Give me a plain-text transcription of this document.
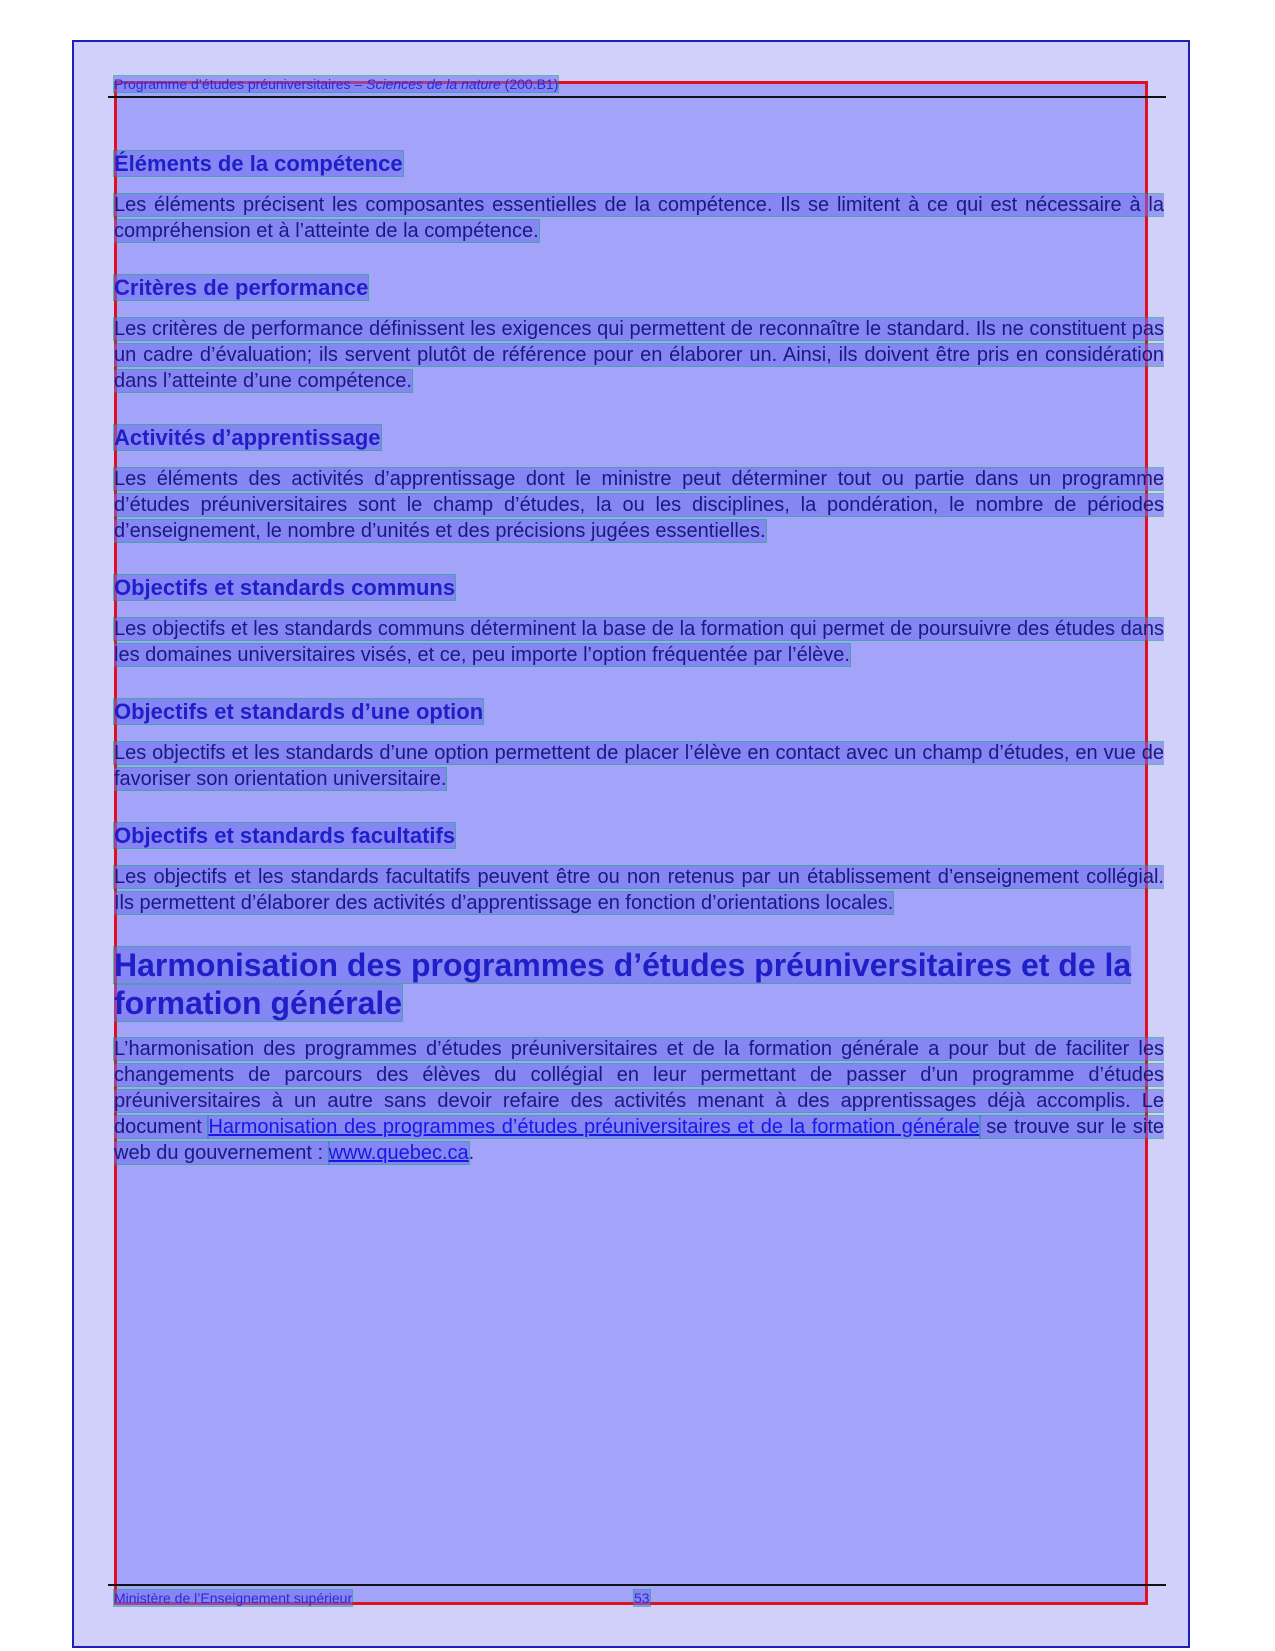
Programme d’études préuniversitaires – Sciences de la nature (200.B1)
Éléments de la compétence

Les éléments précisent les composantes essentielles de la compétence. Ils se limitent à ce qui est nécessaire à la compréhension et à l’atteinte de la compétence.

Critères de performance

Les critères de performance définissent les exigences qui permettent de reconnaître le standard. Ils ne constituent pas un cadre d’évaluation; ils servent plutôt de référence pour en élaborer un. Ainsi, ils doivent être pris en considération dans l’atteinte d’une compétence.

Activités d’apprentissage

Les éléments des activités d’apprentissage dont le ministre peut déterminer tout ou partie dans un programme d’études préuniversitaires sont le champ d’études, la ou les disciplines, la pondération, le nombre de périodes d’enseignement, le nombre d’unités et des précisions jugées essentielles.

Objectifs et standards communs

Les objectifs et les standards communs déterminent la base de la formation qui permet de poursuivre des études dans les domaines universitaires visés, et ce, peu importe l’option fréquentée par l’élève.

Objectifs et standards d’une option

Les objectifs et les standards d’une option permettent de placer l’élève en contact avec un champ d’études, en vue de favoriser son orientation universitaire.

Objectifs et standards facultatifs

Les objectifs et les standards facultatifs peuvent être ou non retenus par un établissement d’enseignement collégial. Ils permettent d’élaborer des activités d’apprentissage en fonction d’orientations locales.

Harmonisation des programmes d’études préuniversitaires et de la formation générale

L’harmonisation des programmes d’études préuniversitaires et de la formation générale a pour but de faciliter les changements de parcours des élèves du collégial en leur permettant de passer d’un programme d’études préuniversitaires à un autre sans devoir refaire des activités menant à des apprentissages déjà accomplis. Le document Harmonisation des programmes d’études préuniversitaires et de la formation générale se trouve sur le site web du gouvernement : www.quebec.ca.

Ministère de l’Enseignement supérieur	53
